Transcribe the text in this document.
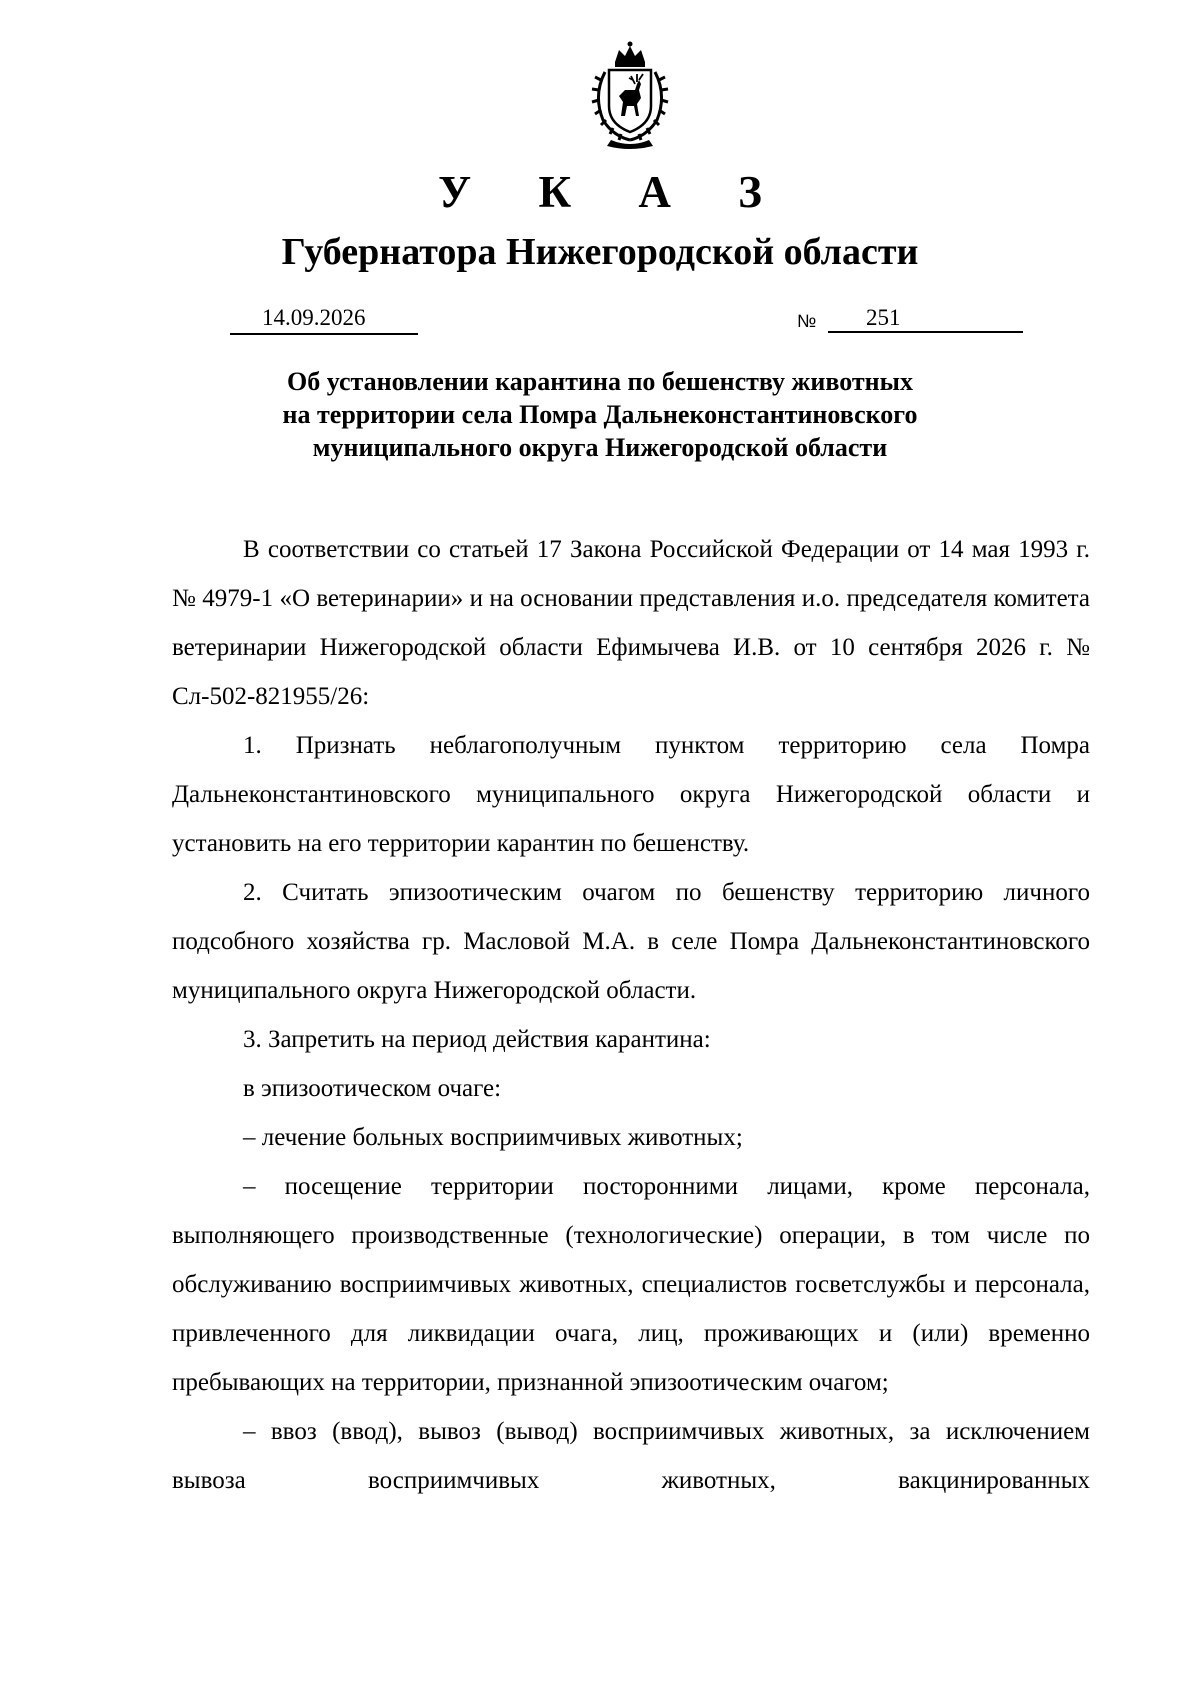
У К А З
Губернатора Нижегородской области
14.09.2026	№ 251
Об установлении карантина по бешенству животных
на территории села Помра Дальнеконстантиновского
муниципального округа Нижегородской области

В соответствии со статьей 17 Закона Российской Федерации от 14 мая 1993 г. № 4979-1 «О ветеринарии» и на основании представления и.о. председателя комитета ветеринарии Нижегородской области Ефимычева И.В. от 10 сентября 2026 г. № Сл-502-821955/26:

1. Признать неблагополучным пунктом территорию села Помра Дальнеконстантиновского муниципального округа Нижегородской области и установить на его территории карантин по бешенству.

2. Считать эпизоотическим очагом по бешенству территорию личного подсобного хозяйства гр. Масловой М.А. в селе Помра Дальнеконстантиновского муниципального округа Нижегородской области.

3. Запретить на период действия карантина:

в эпизоотическом очаге:

– лечение больных восприимчивых животных;

– посещение территории посторонними лицами, кроме персонала, выполняющего производственные (технологические) операции, в том числе по обслуживанию восприимчивых животных, специалистов госветслужбы и персонала, привлеченного для ликвидации очага, лиц, проживающих и (или) временно пребывающих на территории, признанной эпизоотическим очагом;

– ввоз (ввод), вывоз (вывод) восприимчивых животных, за исключением вывоза восприимчивых животных, вакцинированных
